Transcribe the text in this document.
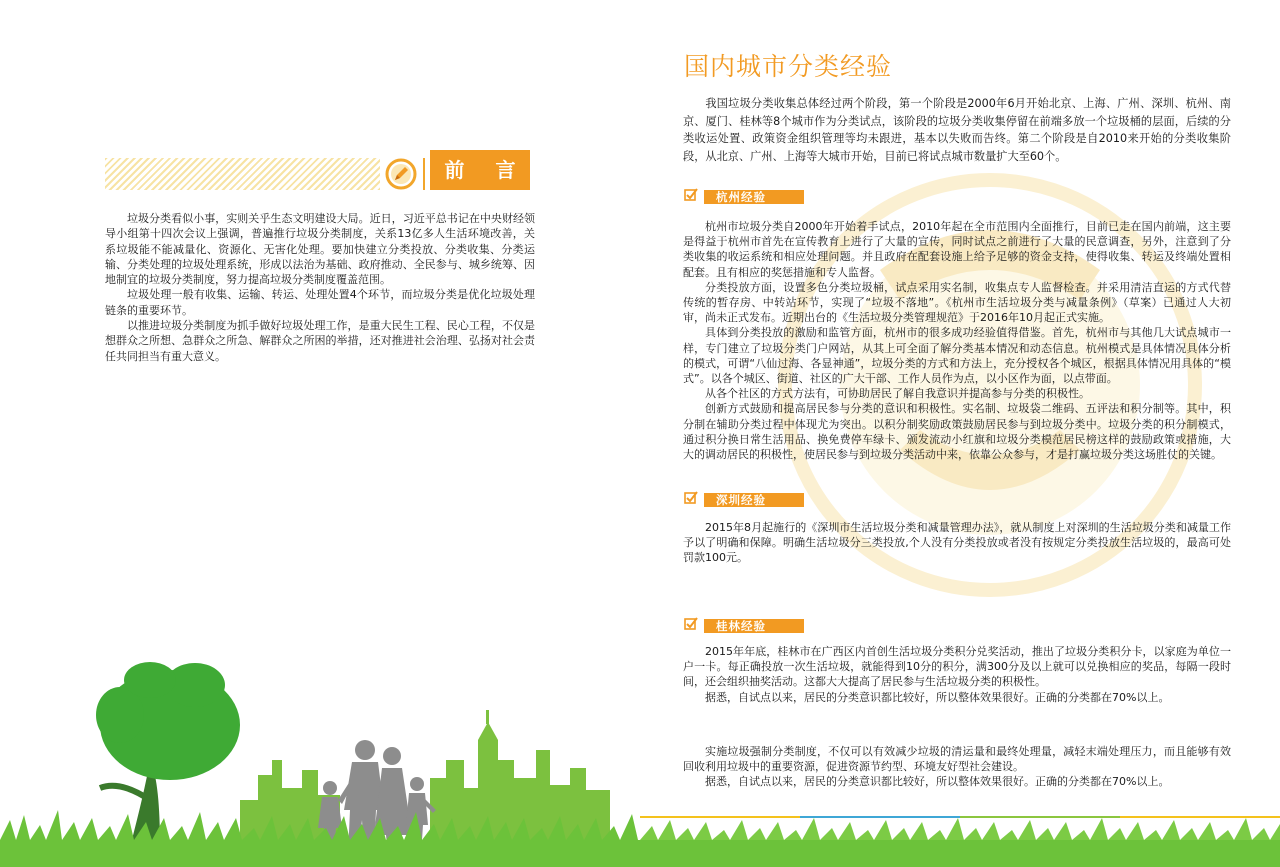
前 言

垃圾分类看似小事，实则关乎生态文明建设大局。近日，习近平总书记在中央财经领导小组第十四次会议上强调，普遍推行垃圾分类制度，关系13亿多人生活环境改善，关系垃圾能不能减量化、资源化、无害化处理。要加快建立分类投放、分类收集、分类运输、分类处理的垃圾处理系统，形成以法治为基础、政府推动、全民参与、城乡统筹、因地制宜的垃圾分类制度，努力提高垃圾分类制度覆盖范围。

垃圾处理一般有收集、运输、转运、处理处置4个环节，而垃圾分类是优化垃圾处理链条的重要环节。

以推进垃圾分类制度为抓手做好垃圾处理工作，是重大民生工程、民心工程，不仅是想群众之所想、急群众之所急、解群众之所困的举措，还对推进社会治理、弘扬对社会责任共同担当有重大意义。

国内城市分类经验

我国垃圾分类收集总体经过两个阶段，第一个阶段是2000年6月开始北京、上海、广州、深圳、杭州、南京、厦门、桂林等8个城市作为分类试点，该阶段的垃圾分类收集停留在前端多放一个垃圾桶的层面，后续的分类收运处置、政策资金组织管理等均未跟进，基本以失败而告终。第二个阶段是自2010来开始的分类收集阶段，从北京、广州、上海等大城市开始，目前已将试点城市数量扩大至60个。

杭州经验

杭州市垃圾分类自2000年开始着手试点，2010年起在全市范围内全面推行，目前已走在国内前端，这主要是得益于杭州市首先在宣传教育上进行了大量的宣传，同时试点之前进行了大量的民意调查，另外，注意到了分类收集的收运系统和相应处理问题。并且政府在配套设施上给予足够的资金支持，使得收集、转运及终端处置相配套。且有相应的奖惩措施和专人监督。

分类投放方面，设置多色分类垃圾桶，试点采用实名制，收集点专人监督检查。并采用清洁直运的方式代替传统的暂存房、中转站环节，实现了“垃圾不落地”。《杭州市生活垃圾分类与减量条例》（草案）已通过人大初审，尚未正式发布。近期出台的《生活垃圾分类管理规范》于2016年10月起正式实施。

具体到分类投放的激励和监管方面，杭州市的很多成功经验值得借鉴。首先，杭州市与其他几大试点城市一样，专门建立了垃圾分类门户网站，从其上可全面了解分类基本情况和动态信息。杭州模式是具体情况具体分析的模式，可谓“八仙过海、各显神通”，垃圾分类的方式和方法上，充分授权各个城区，根据具体情况用具体的“模式”。以各个城区、街道、社区的广大干部、工作人员作为点，以小区作为面，以点带面。

从各个社区的方式方法有，可协助居民了解自我意识并提高参与分类的积极性。

创新方式鼓励和提高居民参与分类的意识和积极性。实名制、垃圾袋二维码、五评法和积分制等。其中，积分制在辅助分类过程中体现尤为突出。以积分制奖励政策鼓励居民参与到垃圾分类中。垃圾分类的积分制模式，通过积分换日常生活用品、换免费停车绿卡、颁发流动小红旗和垃圾分类模范居民榜这样的鼓励政策或措施，大大的调动居民的积极性，使居民参与到垃圾分类活动中来，依靠公众参与，才是打赢垃圾分类这场胜仗的关键。

深圳经验

2015年8月起施行的《深圳市生活垃圾分类和减量管理办法》，就从制度上对深圳的生活垃圾分类和减量工作予以了明确和保障。明确生活垃圾分三类投放,个人没有分类投放或者没有按规定分类投放生活垃圾的，最高可处罚款100元。

桂林经验

2015年年底，桂林市在广西区内首创生活垃圾分类积分兑奖活动，推出了垃圾分类积分卡，以家庭为单位一户一卡。每正确投放一次生活垃圾，就能得到10分的积分，满300分及以上就可以兑换相应的奖品，每隔一段时间，还会组织抽奖活动。这都大大提高了居民参与生活垃圾分类的积极性。

据悉，自试点以来，居民的分类意识都比较好，所以整体效果很好。正确的分类都在70%以上。

实施垃圾强制分类制度，不仅可以有效减少垃圾的清运量和最终处理量，减轻末端处理压力，而且能够有效回收利用垃圾中的重要资源，促进资源节约型、环境友好型社会建设。

据悉，自试点以来，居民的分类意识都比较好，所以整体效果很好。正确的分类都在70%以上。
